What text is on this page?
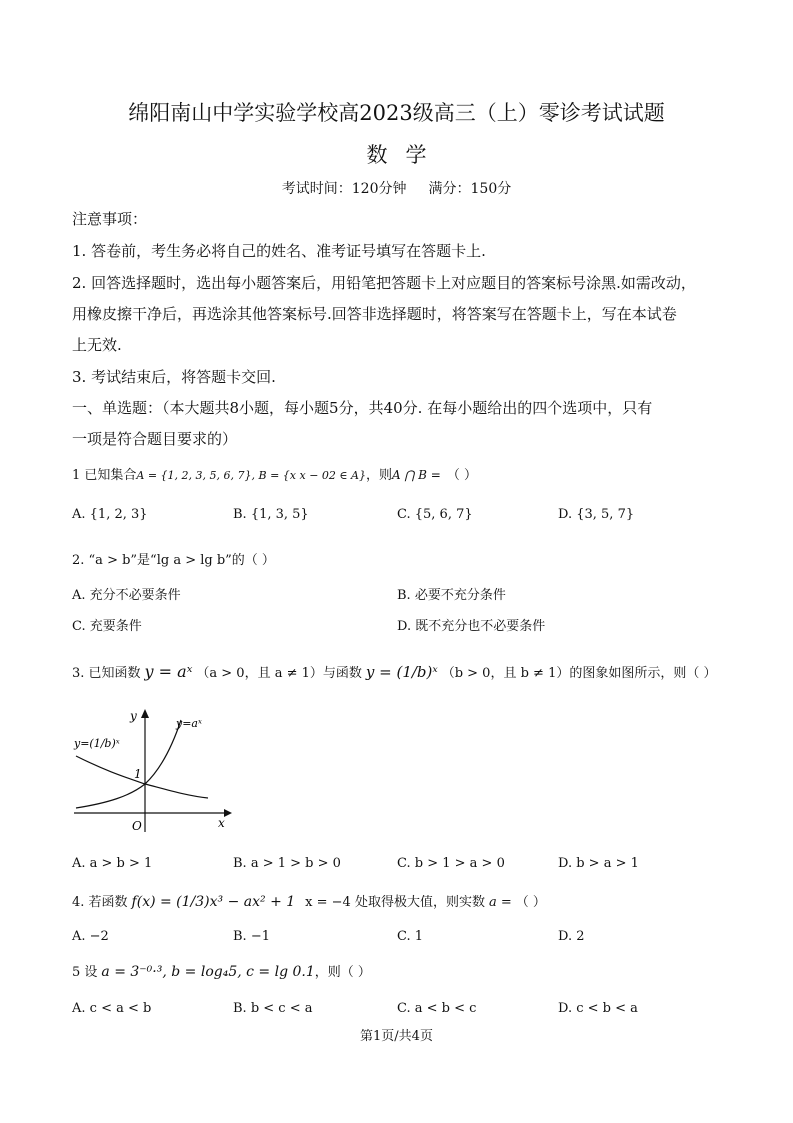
绵阳南山中学实验学校高2023级高三（上）零诊考试试题
数学
考试时间：120分钟 满分：150分
注意事项：
1. 答卷前，考生务必将自己的姓名、准考证号填写在答题卡上.
2. 回答选择题时，选出每小题答案后，用铅笔把答题卡上对应题目的答案标号涂黑.如需改动，
用橡皮擦干净后，再选涂其他答案标号.回答非选择题时，将答案写在答题卡上，写在本试卷
上无效.
3. 考试结束后，将答题卡交回.
一、单选题：（本大题共8小题，每小题5分，共40分. 在每小题给出的四个选项中，只有
一项是符合题目要求的）
1 已知集合A = {1, 2, 3, 5, 6, 7}, B = {x x − 02 ∈ A}，则A ⋂ B = （ ）
A. {1, 2, 3}	B. {1, 3, 5}	C. {5, 6, 7}	D. {3, 5, 7}
2. “a > b”是“lg a > lg b”的（ ）
A. 充分不必要条件	B. 必要不充分条件
C. 充要条件	D. 既不充分也不必要条件
3. 已知函数 y = aˣ （a > 0，且 a ≠ 1）与函数 y = (1/b)ˣ （b > 0，且 b ≠ 1）的图象如图所示，则（ ）
y
x
O
1
y=(1/b)ˣ
y=aˣ
A. a > b > 1	B. a > 1 > b > 0	C. b > 1 > a > 0	D. b > a > 1
4. 若函数 f(x) = (1/3)x³ − ax² + 1 x = −4 处取得极大值，则实数 a = （ ）
A. −2	B. −1	C. 1	D. 2
5 设 a = 3⁻⁰·³, b = log₄5, c = lg 0.1，则（ ）
A. c < a < b	B. b < c < a	C. a < b < c	D. c < b < a
第1页/共4页
